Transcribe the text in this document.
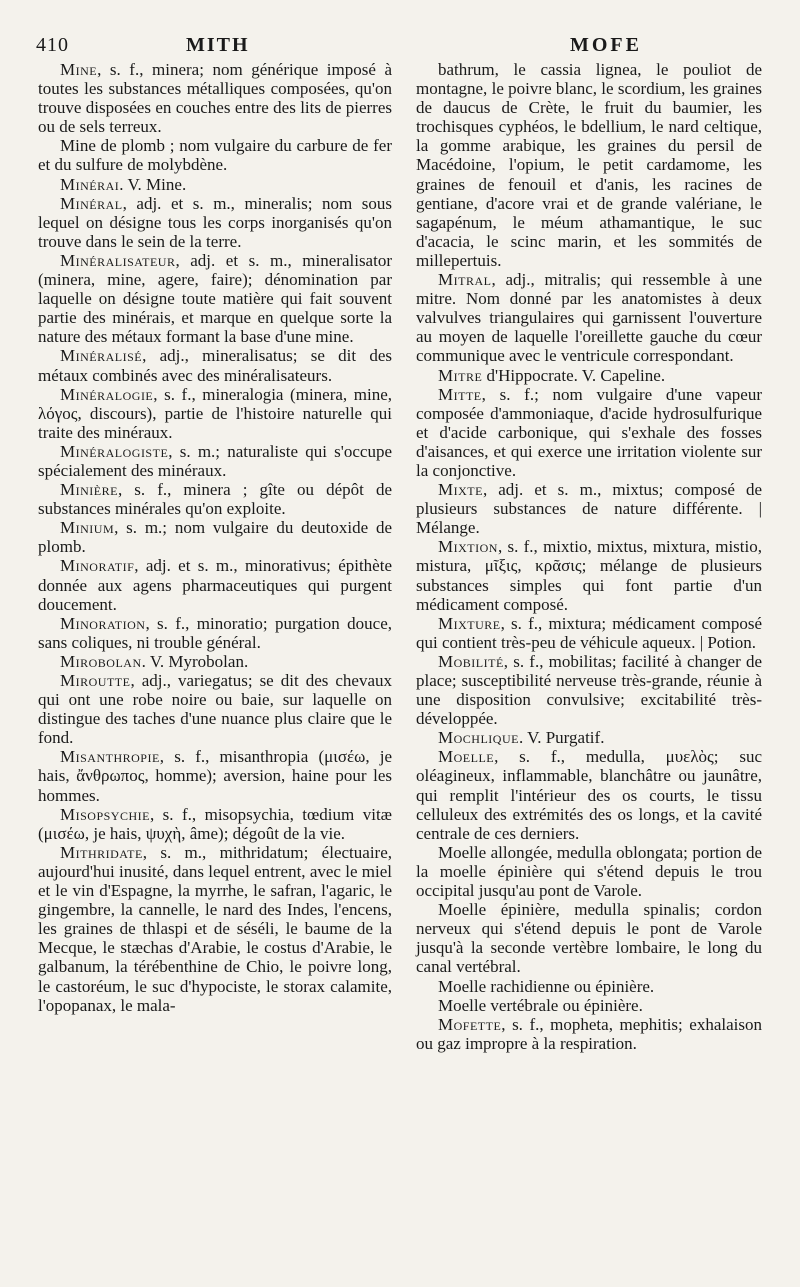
410	MITH	MOFE

Mine, s. f., minera; nom générique imposé à toutes les substances métalliques composées, qu'on trouve disposées en couches entre des lits de pierres ou de sels terreux.

Mine de plomb ; nom vulgaire du carbure de fer et du sulfure de molybdène.

Minérai. V. Mine.

Minéral, adj. et s. m., mineralis; nom sous lequel on désigne tous les corps inorganisés qu'on trouve dans le sein de la terre.

Minéralisateur, adj. et s. m., mineralisator (minera, mine, agere, faire); dénomination par laquelle on désigne toute matière qui fait souvent partie des minérais, et marque en quelque sorte la nature des métaux formant la base d'une mine.

Minéralisé, adj., mineralisatus; se dit des métaux combinés avec des minéralisateurs.

Minéralogie, s. f., mineralogia (minera, mine, λόγος, discours), partie de l'histoire naturelle qui traite des minéraux.

Minéralogiste, s. m.; naturaliste qui s'occupe spécialement des minéraux.

Minière, s. f., minera ; gîte ou dépôt de substances minérales qu'on exploite.

Minium, s. m.; nom vulgaire du deutoxide de plomb.

Minoratif, adj. et s. m., minorativus; épithète donnée aux agens pharmaceutiques qui purgent doucement.

Minoration, s. f., minoratio; purgation douce, sans coliques, ni trouble général.

Mirobolan. V. Myrobolan.

Miroutte, adj., variegatus; se dit des chevaux qui ont une robe noire ou baie, sur laquelle on distingue des taches d'une nuance plus claire que le fond.

Misanthropie, s. f., misanthropia (μισέω, je hais, ἄνθρωπος, homme); aversion, haine pour les hommes.

Misopsychie, s. f., misopsychia, tœdium vitæ (μισέω, je hais, ψυχὴ, âme); dégoût de la vie.

Mithridate, s. m., mithridatum; électuaire, aujourd'hui inusité, dans lequel entrent, avec le miel et le vin d'Espagne, la myrrhe, le safran, l'agaric, le gingembre, la cannelle, le nard des Indes, l'encens, les graines de thlaspi et de séséli, le baume de la Mecque, le stæchas d'Arabie, le costus d'Arabie, le galbanum, la térébenthine de Chio, le poivre long, le castoréum, le suc d'hypociste, le storax calamite, l'opopanax, le mala-

bathrum, le cassia lignea, le pouliot de montagne, le poivre blanc, le scordium, les graines de daucus de Crète, le fruit du baumier, les trochisques cyphéos, le bdellium, le nard celtique, la gomme arabique, les graines du persil de Macédoine, l'opium, le petit cardamome, les graines de fenouil et d'anis, les racines de gentiane, d'acore vrai et de grande valériane, le sagapénum, le méum athamantique, le suc d'acacia, le scinc marin, et les sommités de millepertuis.

Mitral, adj., mitralis; qui ressemble à une mitre. Nom donné par les anatomistes à deux valvulves triangulaires qui garnissent l'ouverture au moyen de laquelle l'oreillette gauche du cœur communique avec le ventricule correspondant.

Mitre d'Hippocrate. V. Capeline.

Mitte, s. f.; nom vulgaire d'une vapeur composée d'ammoniaque, d'acide hydrosulfurique et d'acide carbonique, qui s'exhale des fosses d'aisances, et qui exerce une irritation violente sur la conjonctive.

Mixte, adj. et s. m., mixtus; composé de plusieurs substances de nature différente. | Mélange.

Mixtion, s. f., mixtio, mixtus, mixtura, mistio, mistura, μῖξις, κρᾶσις; mélange de plusieurs substances simples qui font partie d'un médicament composé.

Mixture, s. f., mixtura; médicament composé qui contient très-peu de véhicule aqueux. | Potion.

Mobilité, s. f., mobilitas; facilité à changer de place; susceptibilité nerveuse très-grande, réunie à une disposition convulsive; excitabilité très-développée.

Mochlique. V. Purgatif.

Moelle, s. f., medulla, μυελὸς; suc oléagineux, inflammable, blanchâtre ou jaunâtre, qui remplit l'intérieur des os courts, le tissu celluleux des extrémités des os longs, et la cavité centrale de ces derniers.

Moelle allongée, medulla oblongata; portion de la moelle épinière qui s'étend depuis le trou occipital jusqu'au pont de Varole.

Moelle épinière, medulla spinalis; cordon nerveux qui s'étend depuis le pont de Varole jusqu'à la seconde vertèbre lombaire, le long du canal vertébral.

Moelle rachidienne ou épinière.

Moelle vertébrale ou épinière.

Mofette, s. f., mopheta, mephitis; exhalaison ou gaz impropre à la respiration.
